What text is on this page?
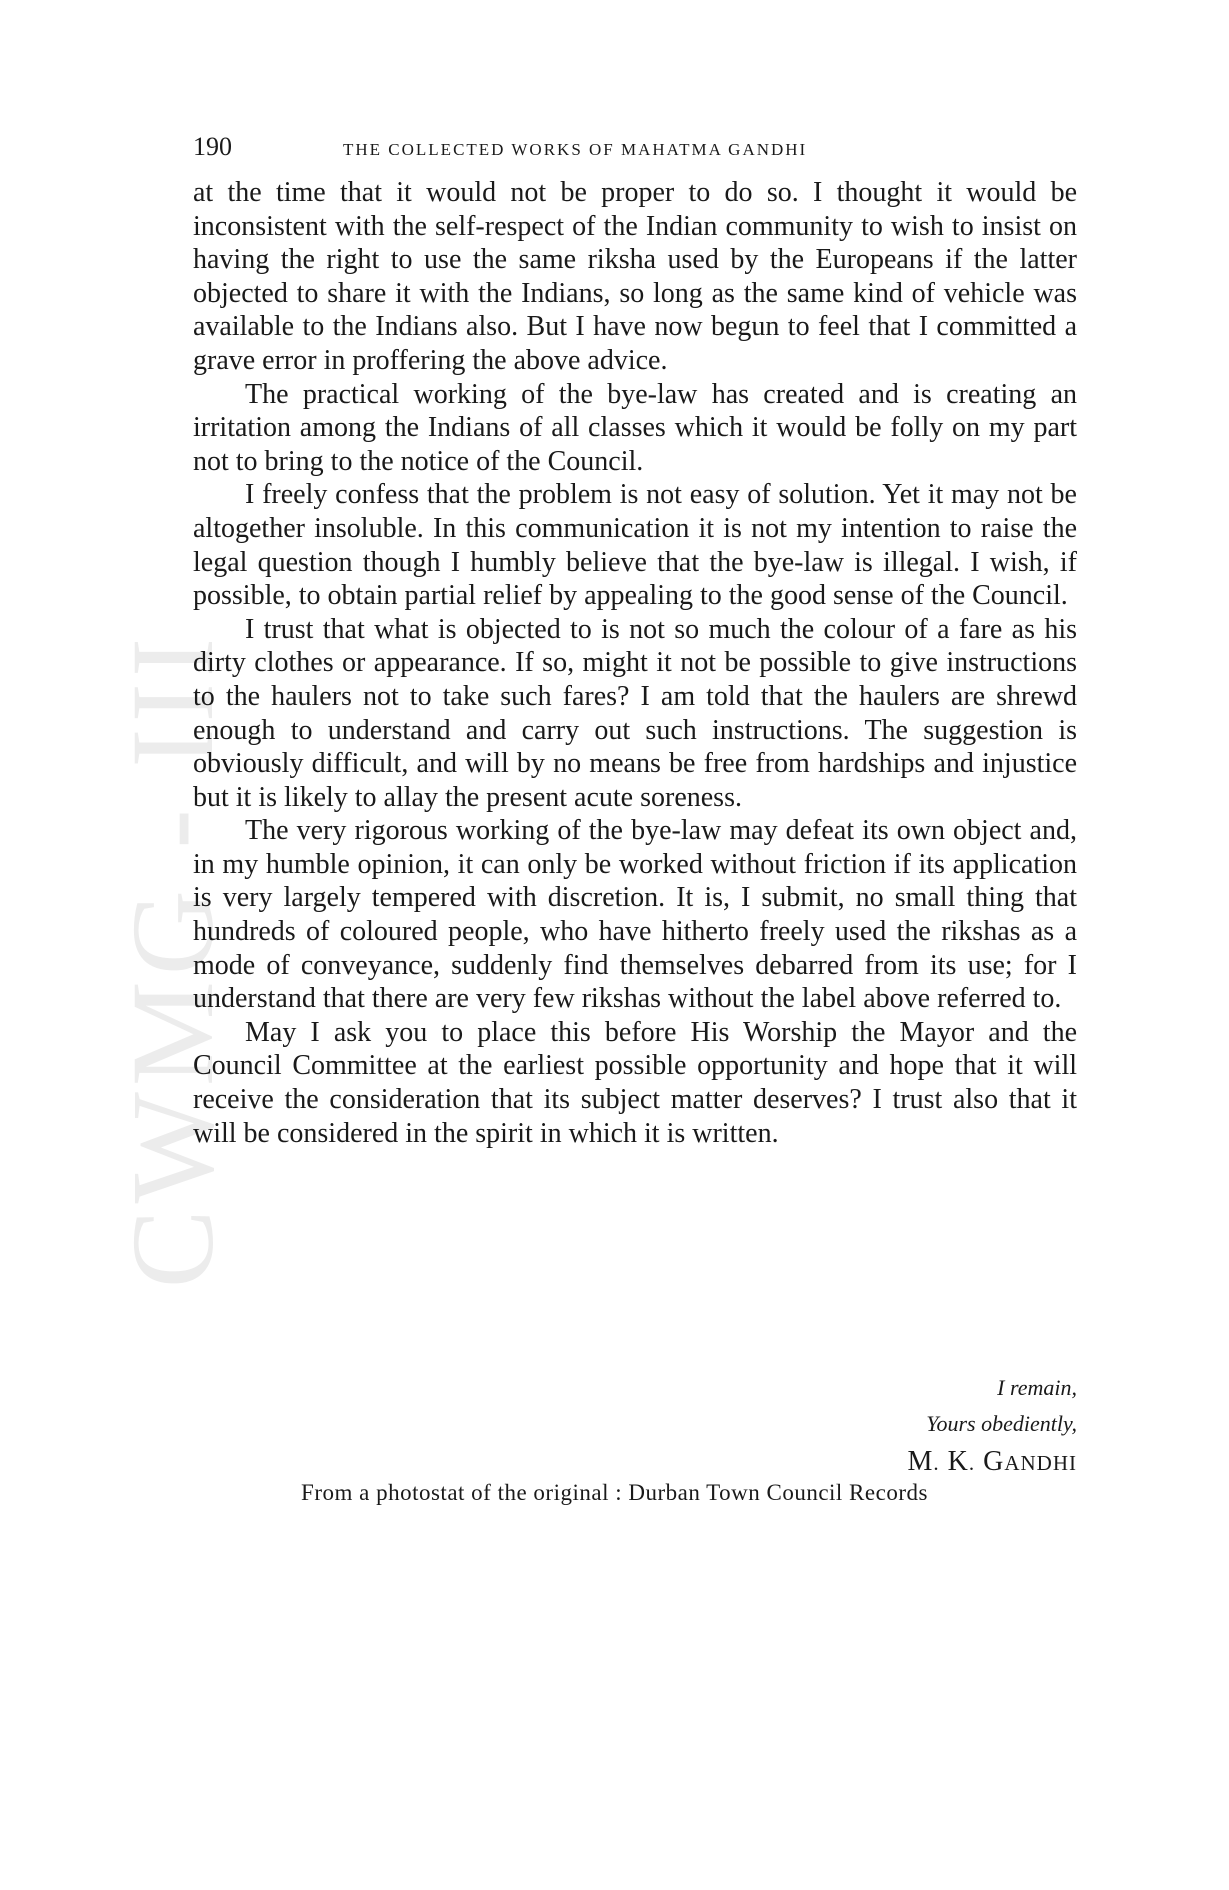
CWMG - III
190	THE COLLECTED WORKS OF MAHATMA GANDHI

at the time that it would not be proper to do so. I thought it would be inconsistent with the self-respect of the Indian community to wish to insist on having the right to use the same riksha used by the Europeans if the latter objected to share it with the Indians, so long as the same kind of vehicle was available to the Indians also. But I have now begun to feel that I committed a grave error in proffering the above advice.

The practical working of the bye-law has created and is creating an irritation among the Indians of all classes which it would be folly on my part not to bring to the notice of the Council.

I freely confess that the problem is not easy of solution. Yet it may not be altogether insoluble. In this communication it is not my intention to raise the legal question though I humbly believe that the bye-law is illegal. I wish, if possible, to obtain partial relief by appealing to the good sense of the Council.

I trust that what is objected to is not so much the colour of a fare as his dirty clothes or appearance. If so, might it not be possible to give instructions to the haulers not to take such fares? I am told that the haulers are shrewd enough to understand and carry out such instructions. The suggestion is obviously difficult, and will by no means be free from hardships and injustice but it is likely to allay the present acute soreness.

The very rigorous working of the bye-law may defeat its own object and, in my humble opinion, it can only be worked without friction if its application is very largely tempered with discretion. It is, I submit, no small thing that hundreds of coloured people, who have hitherto freely used the rikshas as a mode of conveyance, suddenly find themselves debarred from its use; for I understand that there are very few rikshas without the label above referred to.

May I ask you to place this before His Worship the Mayor and the Council Committee at the earliest possible opportunity and hope that it will receive the consideration that its subject matter deserves? I trust also that it will be considered in the spirit in which it is written.

I remain,
Yours obediently,
M. K. GANDHI
From a photostat of the original : Durban Town Council Records
